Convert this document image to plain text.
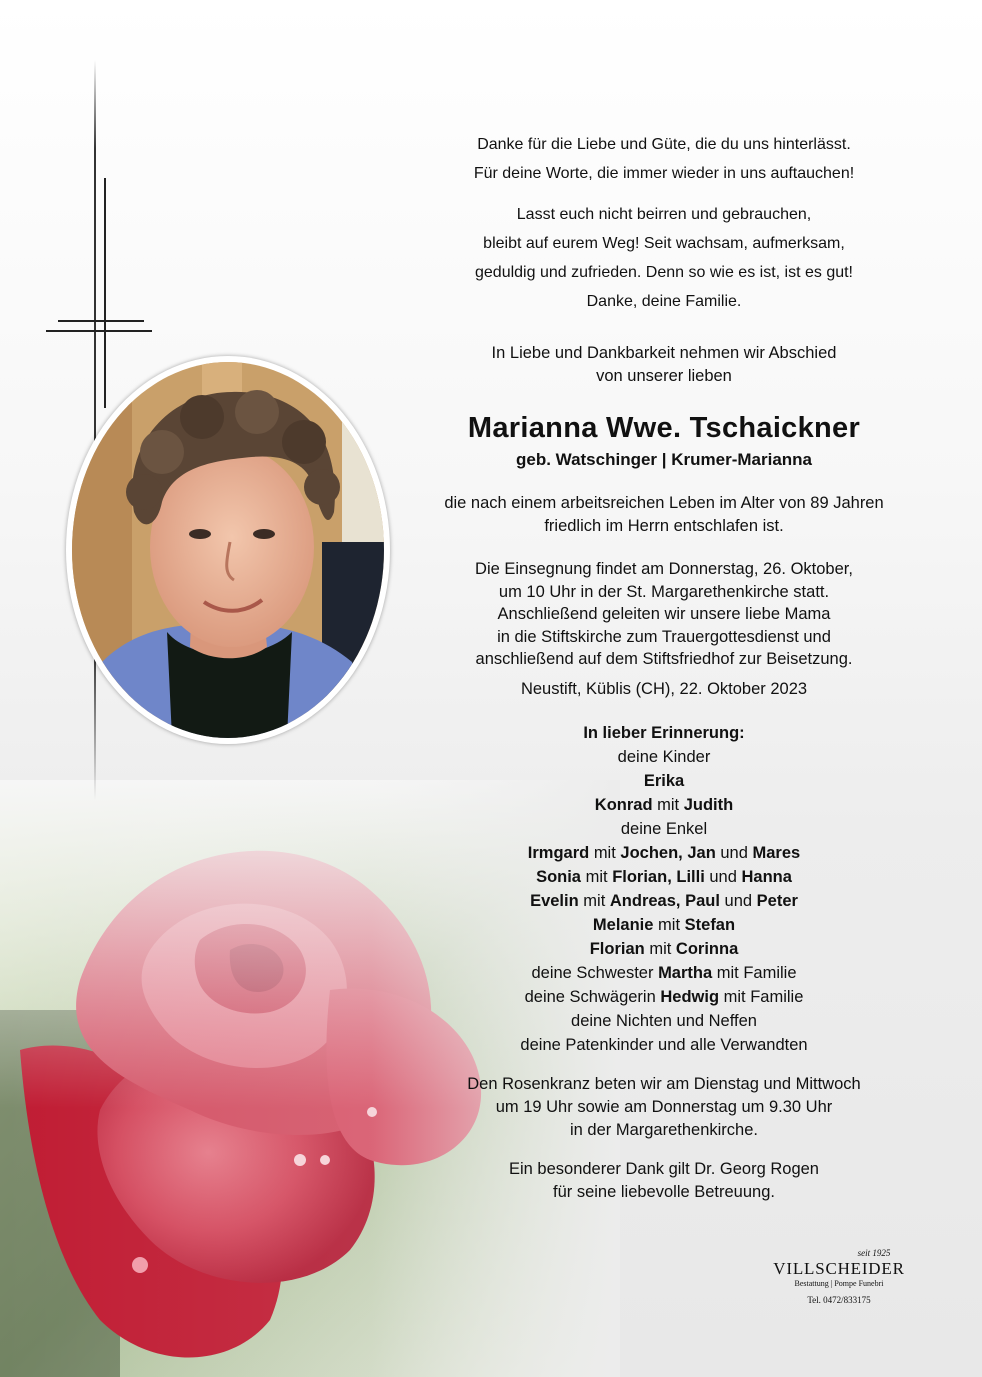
Danke für die Liebe und Güte, die du uns hinterlässt.
Für deine Worte, die immer wieder in uns auftauchen!

Lasst euch nicht beirren und gebrauchen,
bleibt auf eurem Weg! Seit wachsam, aufmerksam,
geduldig und zufrieden. Denn so wie es ist, ist es gut!
Danke, deine Familie.

In Liebe und Dankbarkeit nehmen wir Abschied
von unserer lieben

Marianna Wwe. Tschaickner

geb. Watschinger | Krumer-Marianna

die nach einem arbeitsreichen Leben im Alter von 89 Jahren
friedlich im Herrn entschlafen ist.

Die Einsegnung findet am Donnerstag, 26. Oktober,
um 10 Uhr in der St. Margarethenkirche statt.
Anschließend geleiten wir unsere liebe Mama
in die Stiftskirche zum Trauergottesdienst und
anschließend auf dem Stiftsfriedhof zur Beisetzung.

Neustift, Küblis (CH), 22. Oktober 2023

In lieber Erinnerung:
deine Kinder
Erika
Konrad mit Judith
deine Enkel
Irmgard mit Jochen, Jan und Mares
Sonia mit Florian, Lilli und Hanna
Evelin mit Andreas, Paul und Peter
Melanie mit Stefan
Florian mit Corinna
deine Schwester Martha mit Familie
deine Schwägerin Hedwig mit Familie
deine Nichten und Neffen
deine Patenkinder und alle Verwandten

Den Rosenkranz beten wir am Dienstag und Mittwoch
um 19 Uhr sowie am Donnerstag um 9.30 Uhr
in der Margarethenkirche.

Ein besonderer Dank gilt Dr. Georg Rogen
für seine liebevolle Betreuung.

seit 1925
VILLSCHEIDER
Bestattung | Pompe Funebri
Tel. 0472/833175
